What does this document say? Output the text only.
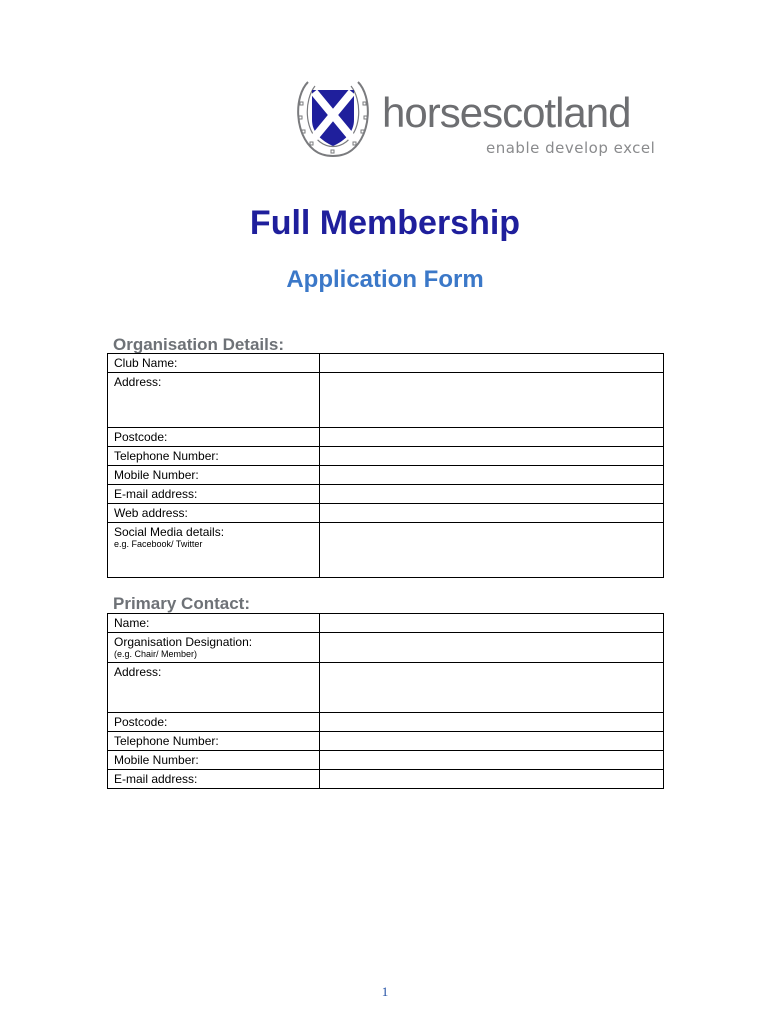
horsescotland
enable develop excel
Full Membership
Application Form
Organisation Details:
Club Name:	
Address:	
Postcode:	
Telephone Number:	
Mobile Number:	
E-mail address:	
Web address:	
Social Media details:
e.g. Facebook/ Twitter	

Primary Contact:
Name:	
Organisation Designation:
(e.g. Chair/ Member)	

Address:	
Postcode:	
Telephone Number:	
Mobile Number:	
E-mail address:	
1
